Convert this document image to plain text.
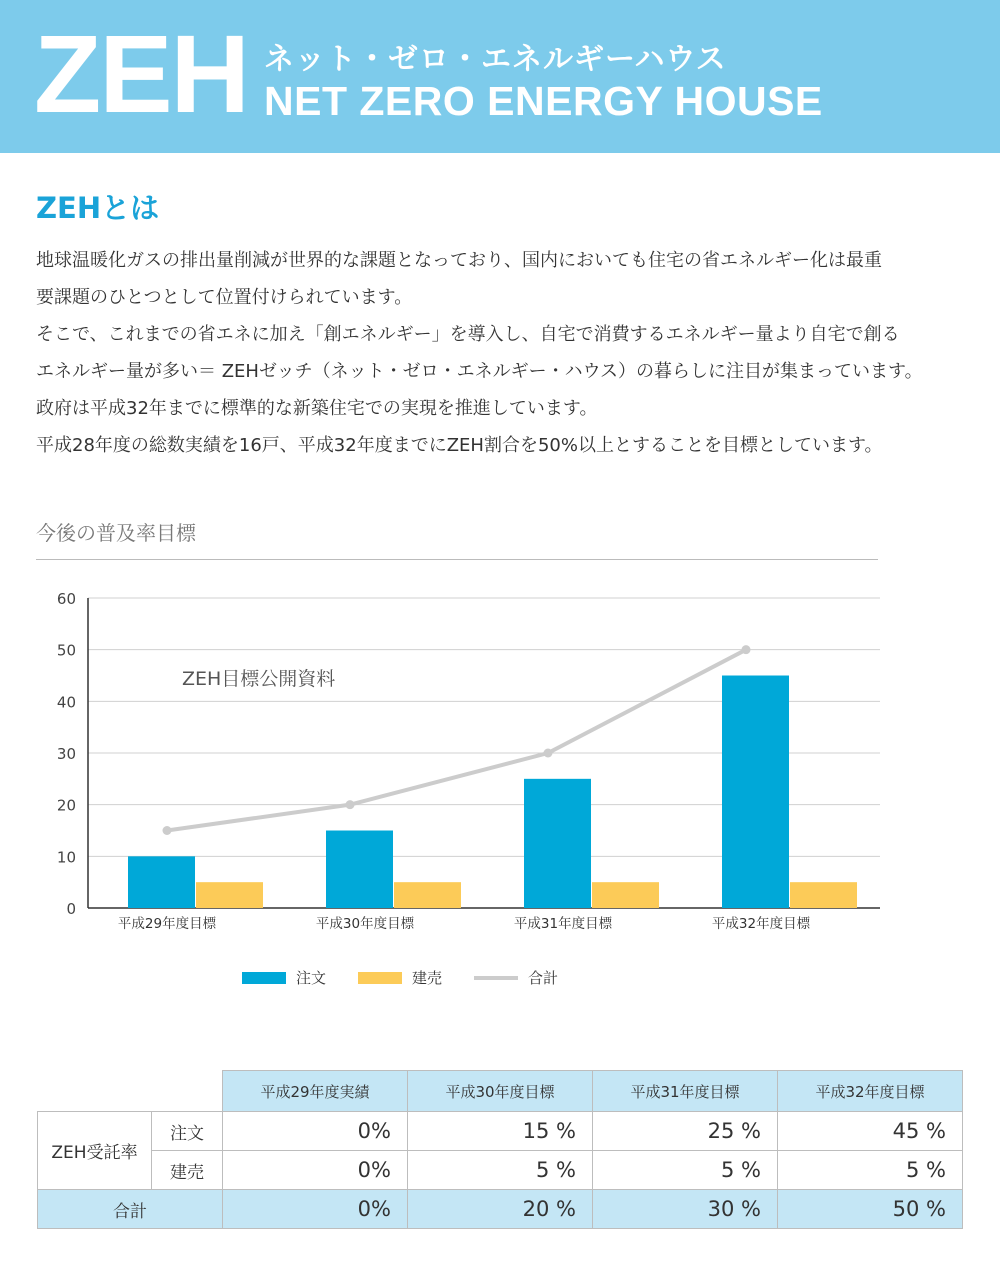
ZEH ネット・ゼロ・エネルギーハウス
NET ZERO ENERGY HOUSE
ZEHとは

地球温暖化ガスの排出量削減が世界的な課題となっており、国内においても住宅の省エネルギー化は最重

要課題のひとつとして位置付けられています。

そこで、これまでの省エネに加え「創エネルギー」を導入し、自宅で消費するエネルギー量より自宅で創る

エネルギー量が多い＝ ZEHゼッチ（ネット・ゼロ・エネルギー・ハウス）の暮らしに注目が集まっています。

政府は平成32年までに標準的な新築住宅での実現を推進しています。

平成28年度の総数実績を16戸、平成32年度までにZEH割合を50%以上とすることを目標としています。

今後の普及率目標
0
10
20
30
40
50
60
ZEH目標公開資料
平成29年度目標	平成30年度目標	平成31年度目標	平成32年度目標
注文	建売	合計
		平成29年度実績	平成30年度目標	平成31年度目標	平成32年度目標
ZEH受託率	注文	0%	15 %	25 %	45 %
	建売	0%	5 %	5 %	5 %
合計		0%	20 %	30 %	50 %
